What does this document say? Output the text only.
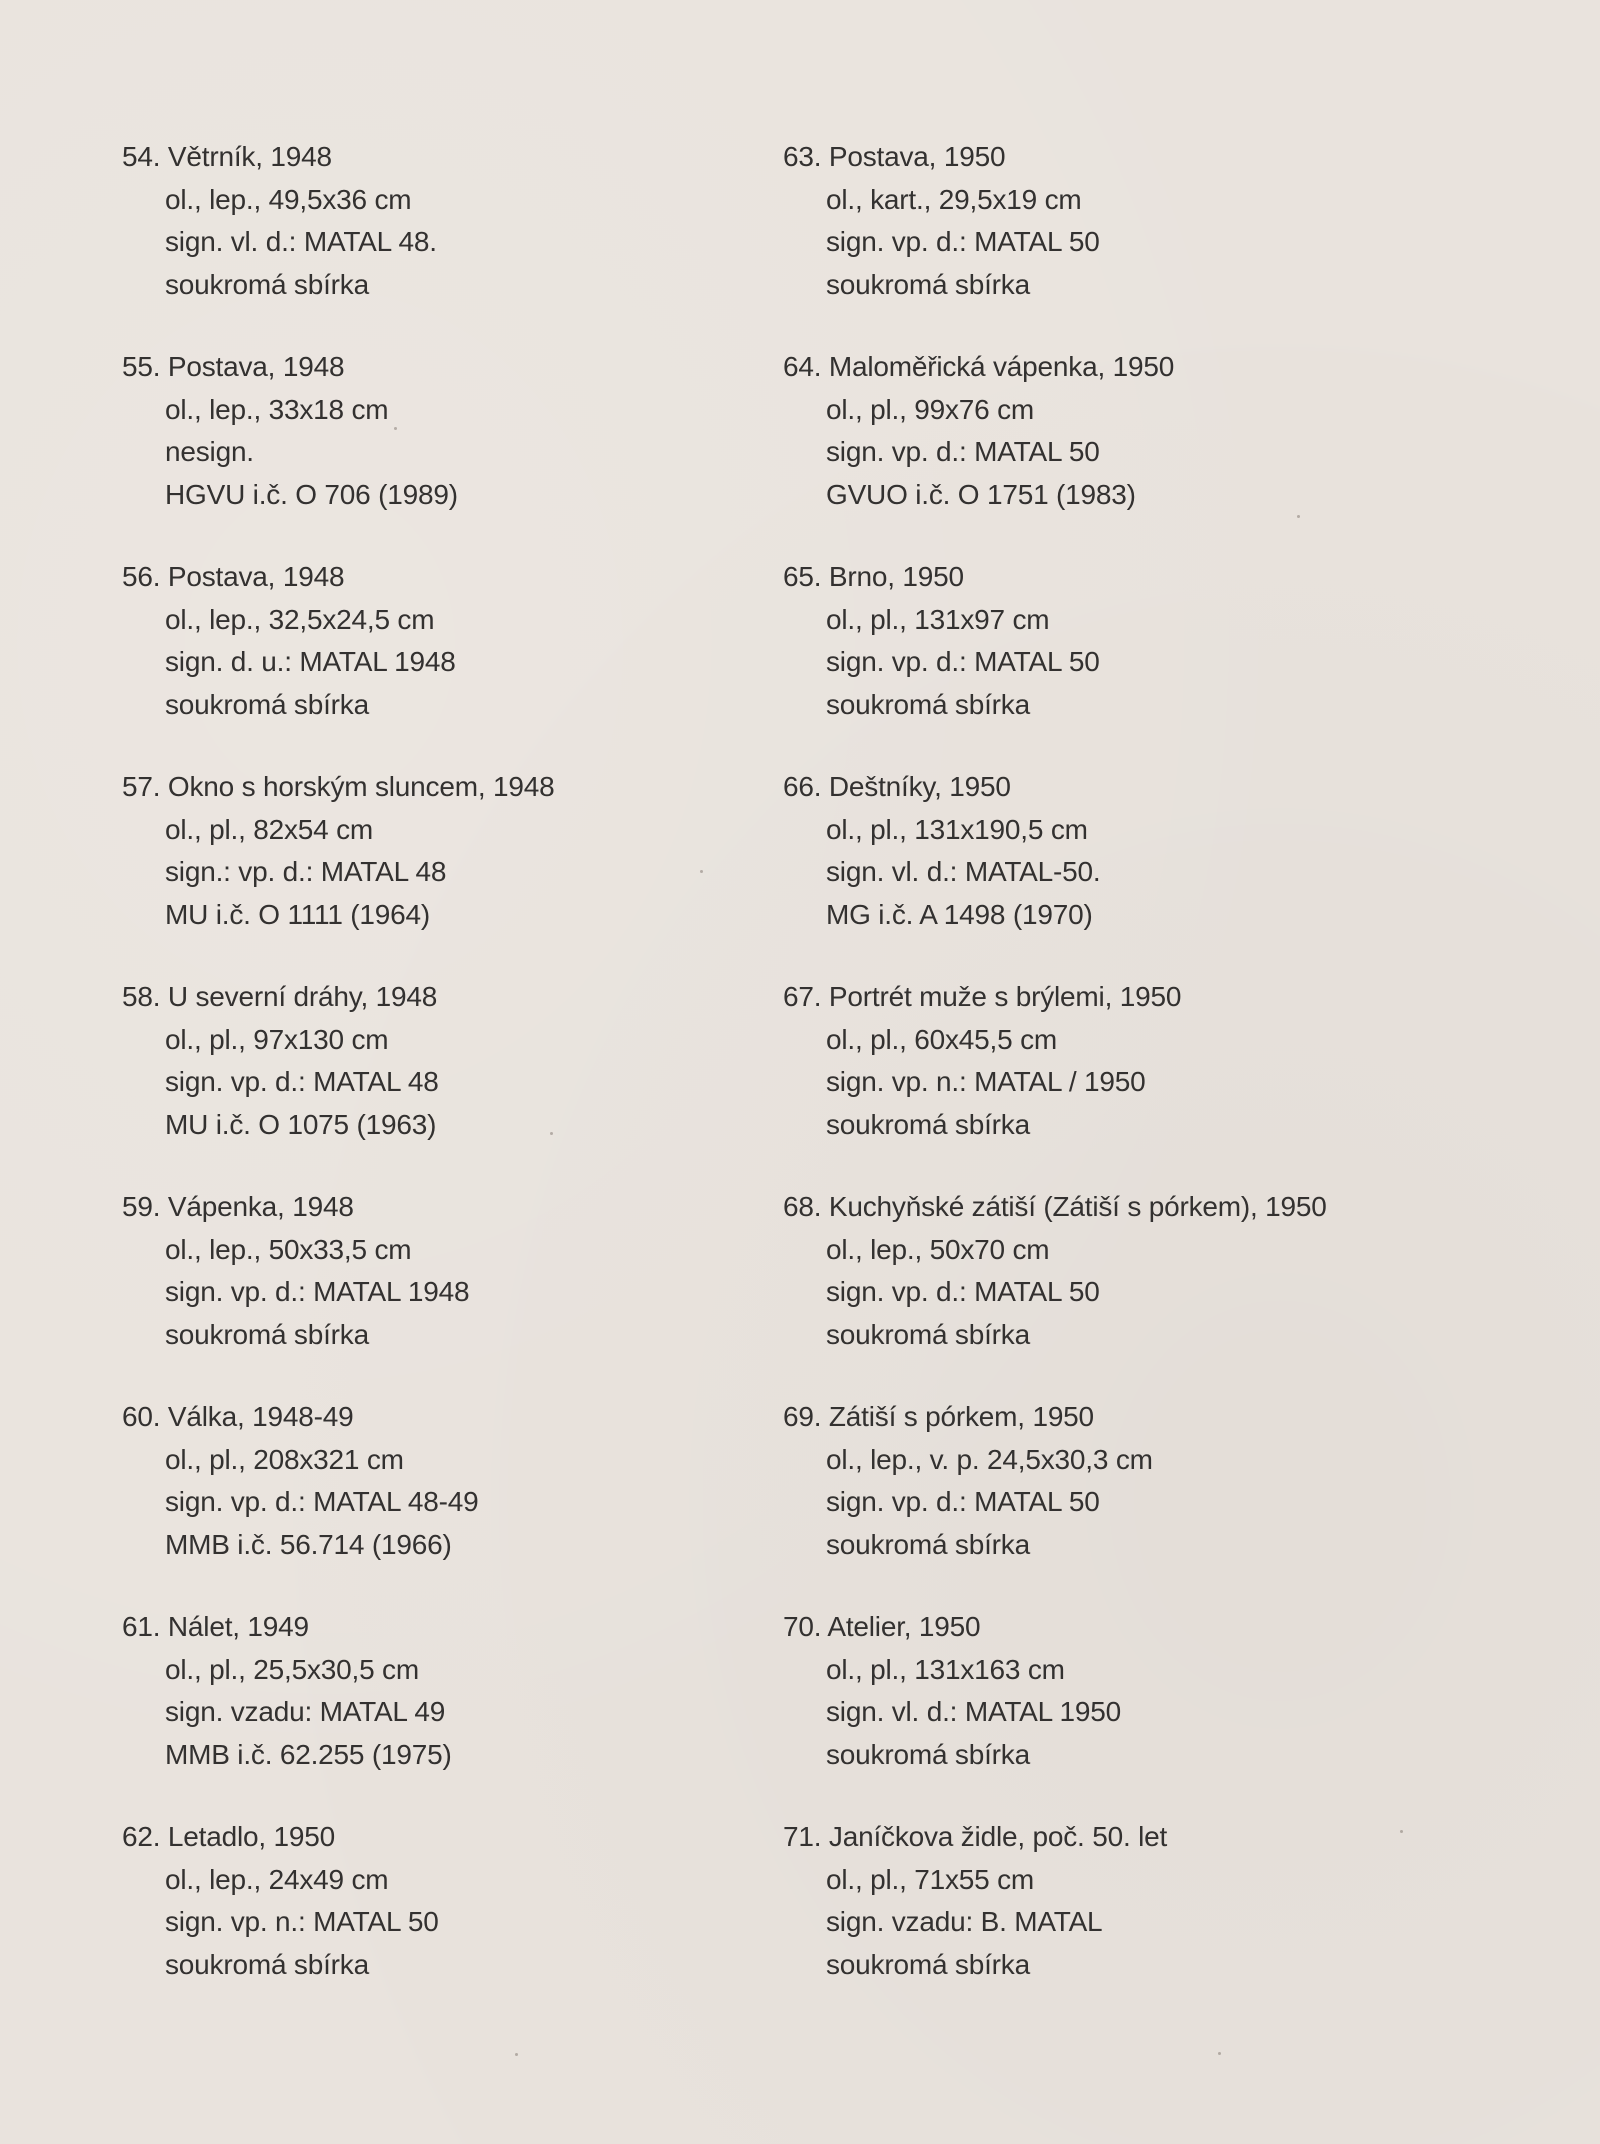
54. Větrník, 1948
ol., lep., 49,5x36 cm
sign. vl. d.: MATAL 48.
soukromá sbírka
55. Postava, 1948
ol., lep., 33x18 cm
nesign.
HGVU i.č. O 706 (1989)
56. Postava, 1948
ol., lep., 32,5x24,5 cm
sign. d. u.: MATAL 1948
soukromá sbírka
57. Okno s horským sluncem, 1948
ol., pl., 82x54 cm
sign.: vp. d.: MATAL 48
MU i.č. O 1111 (1964)
58. U severní dráhy, 1948
ol., pl., 97x130 cm
sign. vp. d.: MATAL 48
MU i.č. O 1075 (1963)
59. Vápenka, 1948
ol., lep., 50x33,5 cm
sign. vp. d.: MATAL 1948
soukromá sbírka
60. Válka, 1948-49
ol., pl., 208x321 cm
sign. vp. d.: MATAL 48-49
MMB i.č. 56.714 (1966)
61. Nálet, 1949
ol., pl., 25,5x30,5 cm
sign. vzadu: MATAL 49
MMB i.č. 62.255 (1975)
62. Letadlo, 1950
ol., lep., 24x49 cm
sign. vp. n.: MATAL 50
soukromá sbírka
63. Postava, 1950
ol., kart., 29,5x19 cm
sign. vp. d.: MATAL 50
soukromá sbírka
64. Maloměřická vápenka, 1950
ol., pl., 99x76 cm
sign. vp. d.: MATAL 50
GVUO i.č. O 1751 (1983)
65. Brno, 1950
ol., pl., 131x97 cm
sign. vp. d.: MATAL 50
soukromá sbírka
66. Deštníky, 1950
ol., pl., 131x190,5 cm
sign. vl. d.: MATAL-50.
MG i.č. A 1498 (1970)
67. Portrét muže s brýlemi, 1950
ol., pl., 60x45,5 cm
sign. vp. n.: MATAL / 1950
soukromá sbírka
68. Kuchyňské zátiší (Zátiší s pórkem), 1950
ol., lep., 50x70 cm
sign. vp. d.: MATAL 50
soukromá sbírka
69. Zátiší s pórkem, 1950
ol., lep., v. p. 24,5x30,3 cm
sign. vp. d.: MATAL 50
soukromá sbírka
70. Atelier, 1950
ol., pl., 131x163 cm
sign. vl. d.: MATAL 1950
soukromá sbírka
71. Janíčkova židle, poč. 50. let
ol., pl., 71x55 cm
sign. vzadu: B. MATAL
soukromá sbírka
